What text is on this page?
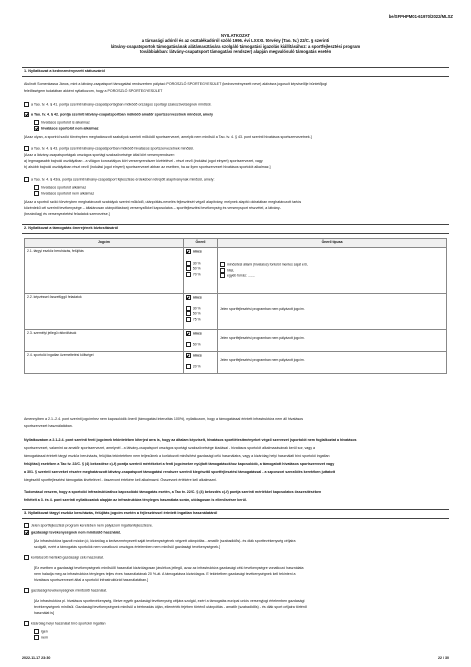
be/SFPHPM01-61970/2022/MLSZ
NYILATKOZAT
a társasági adóról és az osztalékadóról szóló 1996. évi LXXXI. törvény (Tao. tv.) 22/C. § szerinti
látvány-csapatsportok támogatásának alátámasztására szolgáló támogatási igazolás kiállításához: a sportfejlesztési program
továbbiakban: látvány-csapatsport támogatási rendszer) alapján megvalósuló támogatás esetén
1. Nyilatkozat a kedvezményezett státuszáról
Alulírott Somenkassa János, mint a látvány-csapatsport támogatási rendszerben pályázó POROSZLÓ SPORTEGYESÜLET (kedvezményezett neve) aláírásra jogosult képviselője büntetőjogi
felelősségem tudatában akként nyilatkozom, hogy a POROSZLÓ SPORTEGYESÜLET
a Tao. tv. 4. § 41. pontja szerinti látvány-csapatsportágban működő országos sportági szakszövetségnek minősül.
a Tao. tv. 4. § 42. pontja szerinti látvány-csapatsportban működő amatőr sportszervezetnek minősül, amely
hivatásos sportolót is alkalmaz
hivatásos sportolót nem alkalmaz
[Azaz olyan, a sportról szóló törvényben meghatározott szabályok szerinti működő sportszervezet, amelyik nem minősül a Tao. tv. 4. § 43. pont szerinti hivatásos sportszervezetnek.]
a Tao. tv. 4. § 43. pontja szerinti látvány-csapatsportban működő hivatásos sportszervezetnek minősül.
[Azaz a látvány-csapatsportágak országos sportági szakszövetsége által kiírt versenyrendszer:
a) legmagasabb bajnoki osztályában - a világon korosztályos kiírt versenyrendszer kivételével - részt vevő (indulási jogot elnyert) sportszervezet, vagy
b) alsóbb bajnoki osztályában részt vevő (indulási jogot elnyert) sportszervezet abban az esetben, ha az ilyen sportszervezet hivatásos sportolót alkalmaz.]
a Tao. tv. 4. § 43/a. pontja szerinti látvány-csapatsport fejlesztése érdekében létrejött alapítványnak minősül, amely:
hivatásos sportolót alkalmaz
hivatásos sportolót nem alkalmaz
[Azaz a sportról szóló törvényben meghatározott szabályok szerint működő, utánpótlás-nevelés fejlesztését végző alapítvány, melynek alapító okiratában meghatározott tartós
közérdekű cél szerinti tevékenysége – általánosan utánpótlásban) versenyzőkkel kapcsolatos – sportfejlesztési tevékenység és versenysport részvétel, a látvány-
(bezárólag) és versenyeztetési feladatok szervezése.]
2. Nyilatkozat a támogatás önerejének biztosításáról
Jogcím	Önerő	Önerő típusa
2.1. tárgyi eszköz beruházás, felújítás	nincs
30 %
50 %
70 %	minősítési állami (hivatalos) fontolót mentes saját erő,
hitel,
egyéb forrás: ........

2.2. képzéssel összefüggő feladatok	nincs
30 %
50 %
75 %	Jelen sportfejlesztési programban nem pályázott jogcím.

2.3. személyi jellegű ráfordítások	nincs
50 %	Jelen sportfejlesztési programban nem pályázott jogcím.

2.4. sportolói ingatlan üzemeltetési költségei	nincs
20 %	Jelen sportfejlesztési programban nem pályázott jogcím.
Amennyiben a 2.1.-2.4. pont szerinti jogcímhez nem kapcsolódik önerő (támogatási intenzitás 100%), nyilatkozom, hogy a támogatással érintett infrastruktúra nem áll hivatásos
sportszervezet használatában.
Nyilatkozatom a 2.1-2.4. pont szerinti fenti jogcímek tekintetében kiterjed arra is, hogy az általam képviselt, hivatásos sportlétesítményeket végző szervezet (sportolót nem foglalkoztat a hivatásos
sportszervezet, valamint az amatőr sportszervezet, amelynél - a látvány-csapatsport országos sportági szakszövetsége kiadásai - hivatásos sportolót alkalmazásának kerül sor, vagy a
támogatással érintett tárgyi eszköz beruházás, felújítás tekintetében nem teljesülnek a korlátozott minősítést gazdasági célú használatra, vagy a kizárólag helyi használati bíró sportolói ingatlan
felújítási) esetében a Tao tv. 22/C. § (4) bekezdése c)-f) pontja szerinti mértékeket a fenti jogcímekre nyújtott támogatásokhoz kapcsolódó, a támogatott hivatásos sportszervezet vagy
a 301. § szerinti szerveket részére meghatározott látvány-csapatsport támogatási rendszer szerinti kiegészítő sportfejlesztési támogatással - a szponzori szerződés keretében juttatott
kiegészítő sportfejlesztési támogatás kivételével - összevont értékére kell alkalmazni. Összevont értékére kell alkalmazni.
Tudomásul veszem, hogy a sportolói infrastruktúrához kapcsolódó támogatás esetén, a Tao tv. 22/C. § (4) bekezdés c)-f) pontja szerinti mértékkel kapcsolatos összesítésében
feltételt a 3. és 4. pont szerinti nyilatkozatok alapján az infrastruktúra tényleges használata során, utólagosan is ellenőrzésre kerül.
3. Nyilatkozat tárgyi eszköz beruházás, felújítás jogcím esetén a fejlesztéssel érintett ingatlan használatáról
Jelen sportfejlesztési program keretében nem pályázom ingatlanfejlesztésre.
gazdasági tevékenységnek nem minősülő használat.
[Az infrastruktúra igazolt módon jó, kizárólag a kedvezményezett saját tevékenységének végzett utánpótlás - amatőr (szabadidős)- és diák sporttevékenység céljaira
szolgált, ezért a támogatás sportolók nem vonatkozó országos értelemben nem minősül gazdasági tevékenységnek.]
korlátozott mértékű gazdasági célú használat.
[Ez esetben a gazdasági tevékenységnek minősülő használat kizárólagosan járulékos jellegű, azaz az infrastruktúra gazdasági célú tevékenységre vonatkozó használata
nem haladja meg az infrastruktúra tényleges teljes éves használatának 20 %-át. A támogatásra kizárólagos. E tekintetben gazdasági tevékenységnek kell tekinteni a
hivatásos sportszervezet által a sportolói infrastruktúrát használatában.]
gazdasági tevékenységnek minősülő használat.
[Az infrastruktúra pl. hivatásos sporttevékenység, illetve egyéb gazdasági tevékenység céljára szolgál, ezért a támogatás európai uniós versenyjogi értelemben gazdasági
tevékenységnek minősül. Gazdasági tevékenységnek minősül a bérbeadás útján, ellenérték fejében történő utánpótlás - amatőr (szabadidős) - és diák sport céljaira történő
használat is]
kizárólag helyi használat bíró sportolói ingatlan
igen
nem
2022-11-17 23:30	22 / 30
